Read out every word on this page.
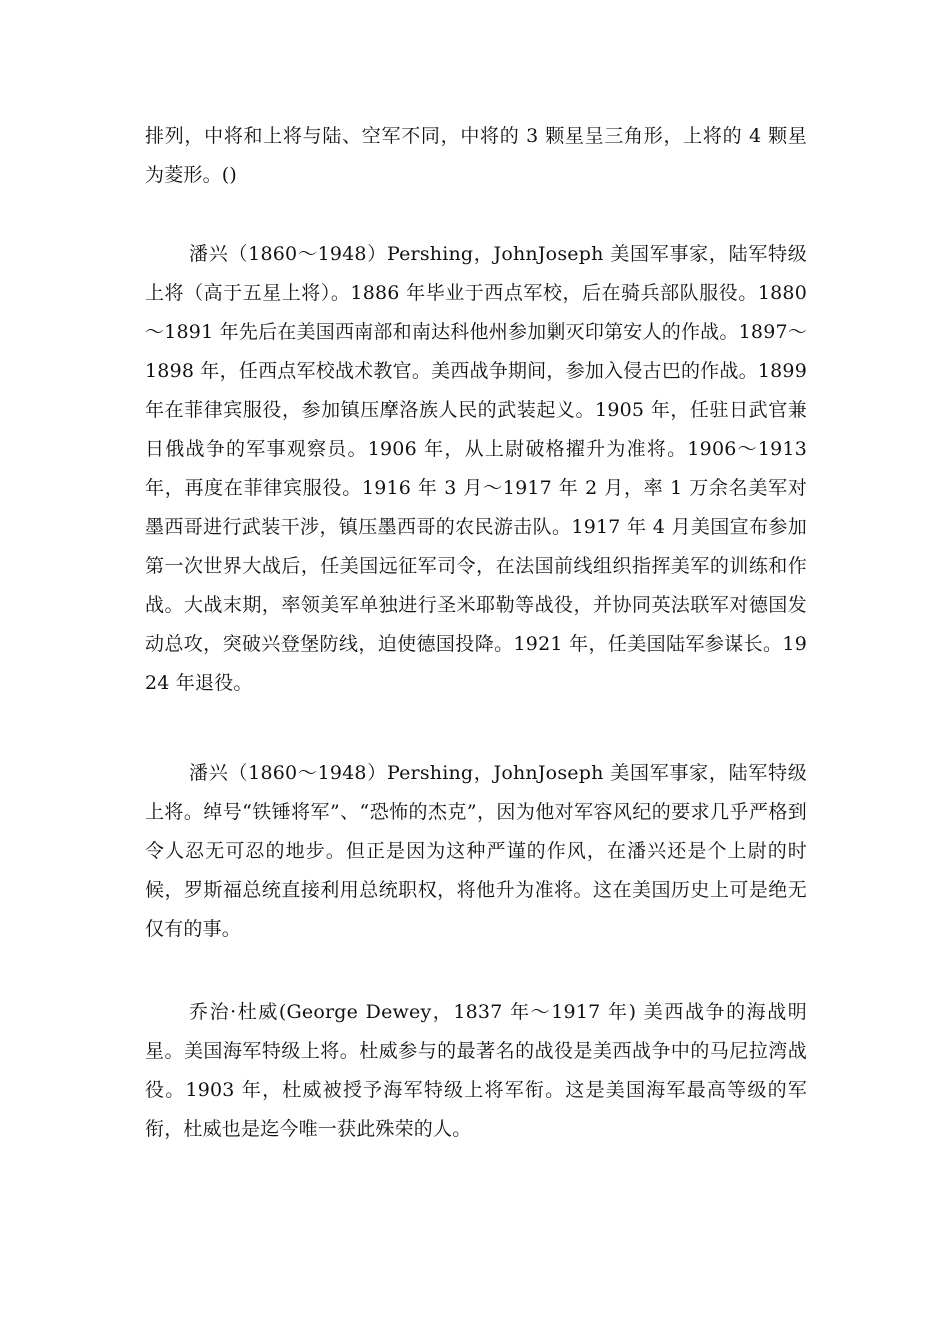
排列，中将和上将与陆、空军不同，中将的 3 颗星呈三角形，上将的 4 颗星为菱形。()

潘兴（1860～1948）Pershing，JohnJoseph 美国军事家，陆军特级上将（高于五星上将）。1886 年毕业于西点军校，后在骑兵部队服役。1880～1891 年先后在美国西南部和南达科他州参加剿灭印第安人的作战。1897～1898 年，任西点军校战术教官。美西战争期间，参加入侵古巴的作战。1899 年在菲律宾服役，参加镇压摩洛族人民的武装起义。1905 年，任驻日武官兼日俄战争的军事观察员。1906 年，从上尉破格擢升为准将。1906～1913 年，再度在菲律宾服役。1916 年 3 月～1917 年 2 月，率 1 万余名美军对墨西哥进行武装干涉，镇压墨西哥的农民游击队。1917 年 4 月美国宣布参加第一次世界大战后，任美国远征军司令，在法国前线组织指挥美军的训练和作战。大战末期，率领美军单独进行圣米耶勒等战役，并协同英法联军对德国发动总攻，突破兴登堡防线，迫使德国投降。1921 年，任美国陆军参谋长。1924 年退役。

潘兴（1860～1948）Pershing，JohnJoseph 美国军事家，陆军特级上将。绰号“铁锤将军”、“恐怖的杰克”，因为他对军容风纪的要求几乎严格到令人忍无可忍的地步。但正是因为这种严谨的作风，在潘兴还是个上尉的时候，罗斯福总统直接利用总统职权，将他升为准将。这在美国历史上可是绝无仅有的事。

乔治·杜威(George Dewey，1837 年～1917 年) 美西战争的海战明星。美国海军特级上将。杜威参与的最著名的战役是美西战争中的马尼拉湾战役。1903 年，杜威被授予海军特级上将军衔。这是美国海军最高等级的军衔，杜威也是迄今唯一获此殊荣的人。
